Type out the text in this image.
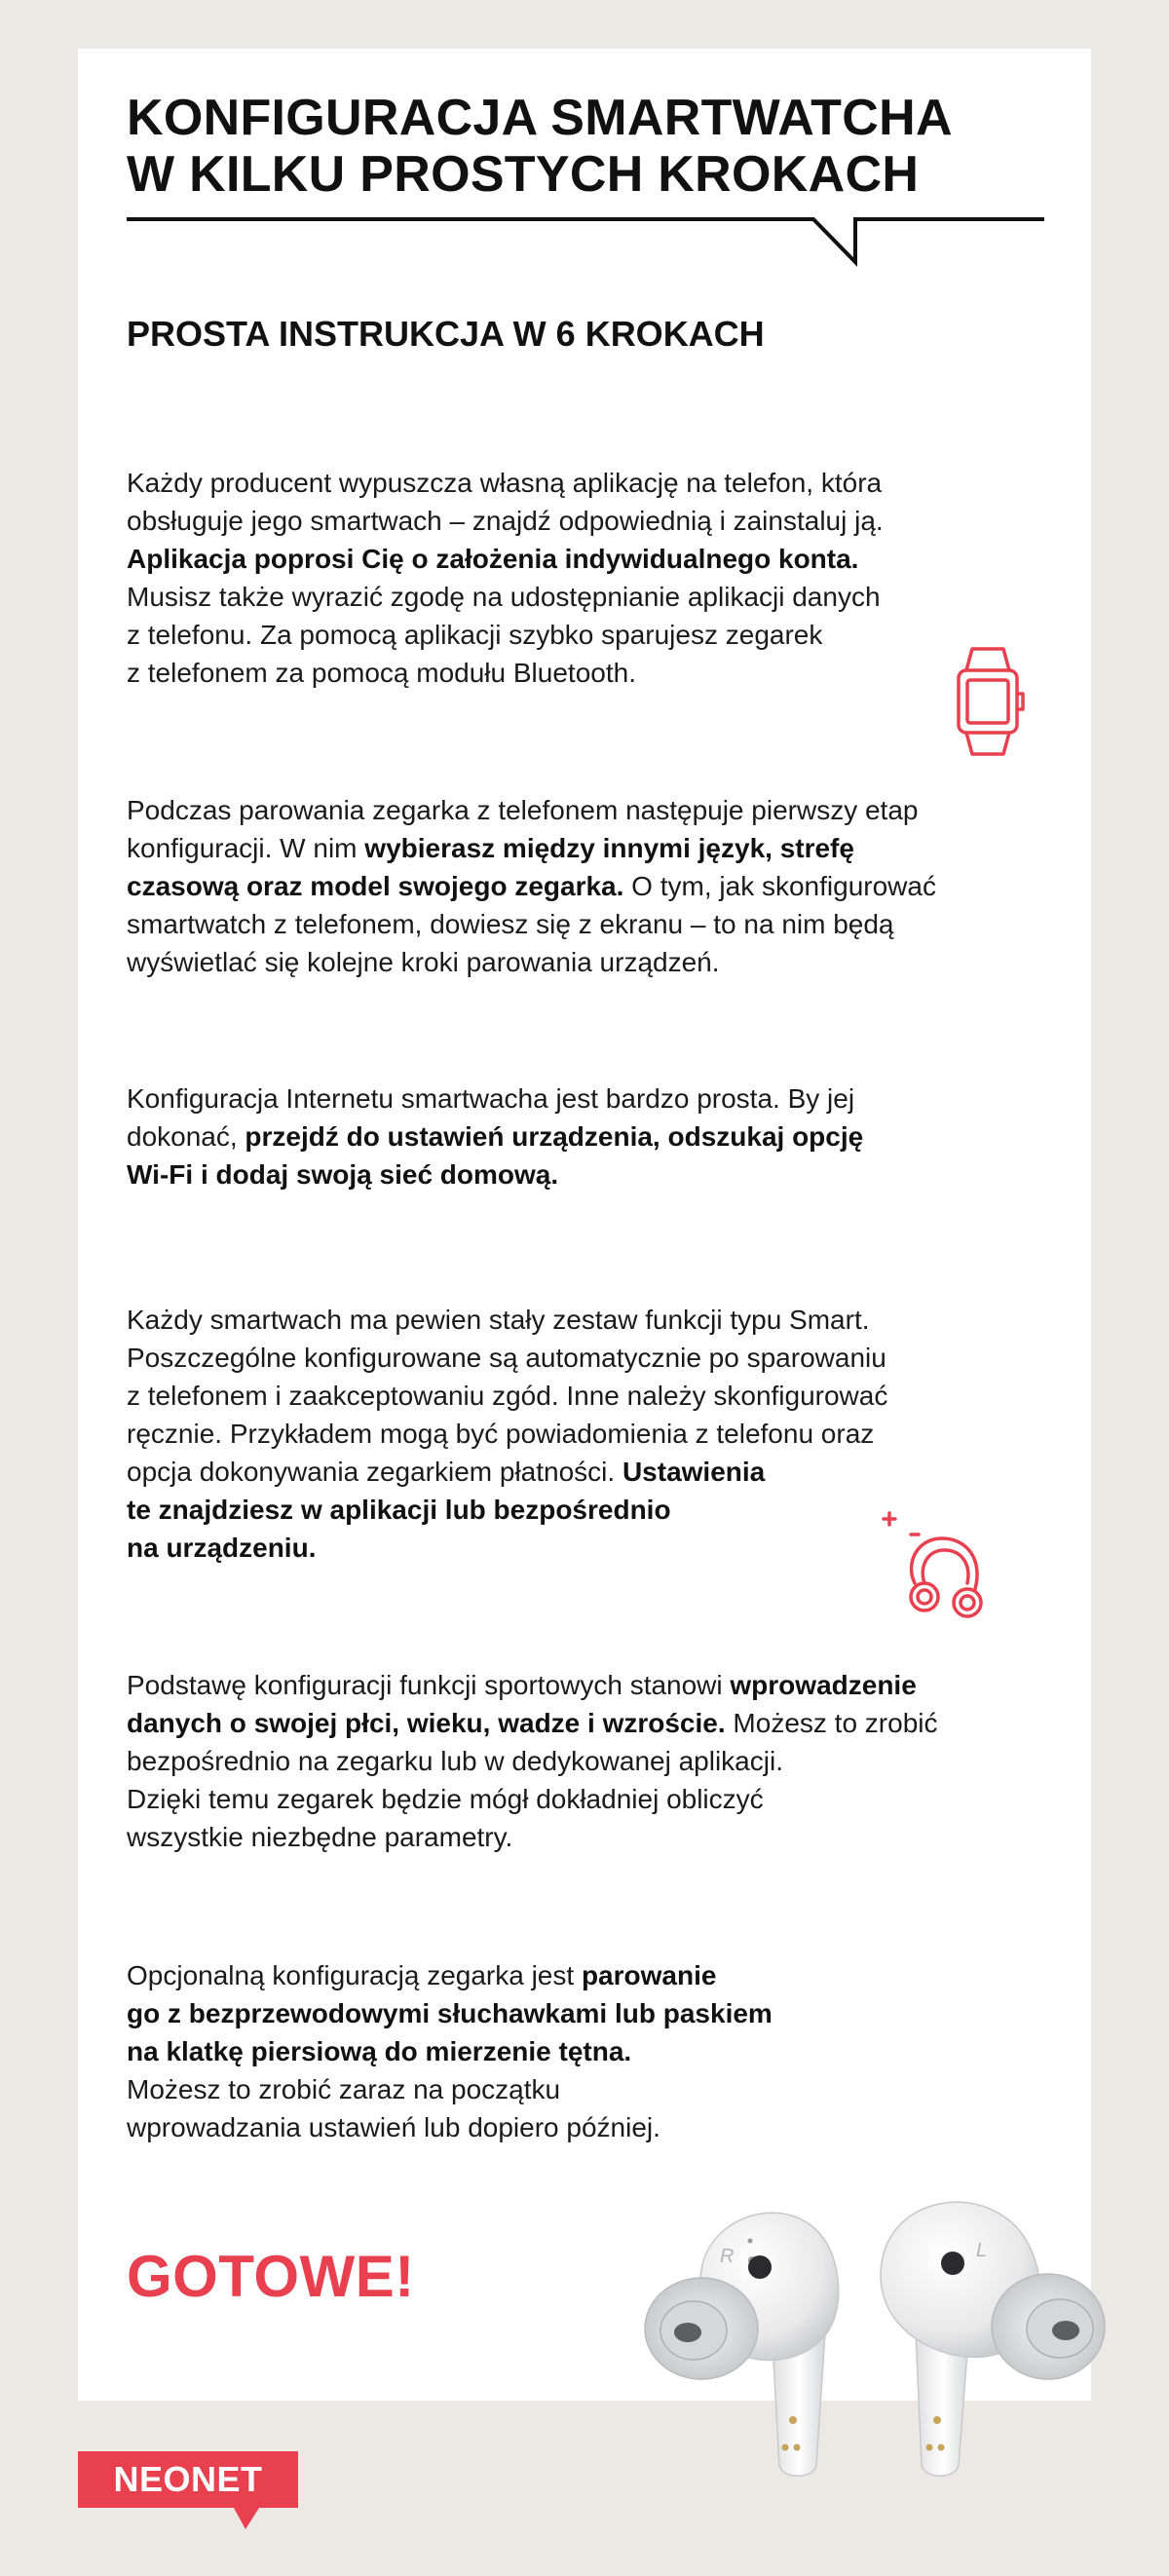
KONFIGURACJA SMARTWATCHA
W KILKU PROSTYCH KROKACH
PROSTA INSTRUKCJA W 6 KROKACH

Każdy producent wypuszcza własną aplikację na telefon, która
obsługuje jego smartwach – znajdź odpowiednią i zainstaluj ją.
Aplikacja poprosi Cię o założenia indywidualnego konta.
Musisz także wyrazić zgodę na udostępnianie aplikacji danych
z telefonu. Za pomocą aplikacji szybko sparujesz zegarek
z telefonem za pomocą modułu Bluetooth.

Podczas parowania zegarka z telefonem następuje pierwszy etap
konfiguracji. W nim wybierasz między innymi język, strefę
czasową oraz model swojego zegarka. O tym, jak skonfigurować
smartwatch z telefonem, dowiesz się z ekranu – to na nim będą
wyświetlać się kolejne kroki parowania urządzeń.

Konfiguracja Internetu smartwacha jest bardzo prosta. By jej
dokonać, przejdź do ustawień urządzenia, odszukaj opcję
Wi-Fi i dodaj swoją sieć domową.

Każdy smartwach ma pewien stały zestaw funkcji typu Smart.
Poszczególne konfigurowane są automatycznie po sparowaniu
z telefonem i zaakceptowaniu zgód. Inne należy skonfigurować
ręcznie. Przykładem mogą być powiadomienia z telefonu oraz
opcja dokonywania zegarkiem płatności. Ustawienia
te znajdziesz w aplikacji lub bezpośrednio
na urządzeniu.

Podstawę konfiguracji funkcji sportowych stanowi wprowadzenie
danych o swojej płci, wieku, wadze i wzroście. Możesz to zrobić
bezpośrednio na zegarku lub w dedykowanej aplikacji.
Dzięki temu zegarek będzie mógł dokładniej obliczyć
wszystkie niezbędne parametry.

Opcjonalną konfiguracją zegarka jest parowanie
go z bezprzewodowymi słuchawkami lub paskiem
na klatkę piersiową do mierzenie tętna.
Możesz to zrobić zaraz na początku
wprowadzania ustawień lub dopiero później.

GOTOWE!	R	L
NEONET
